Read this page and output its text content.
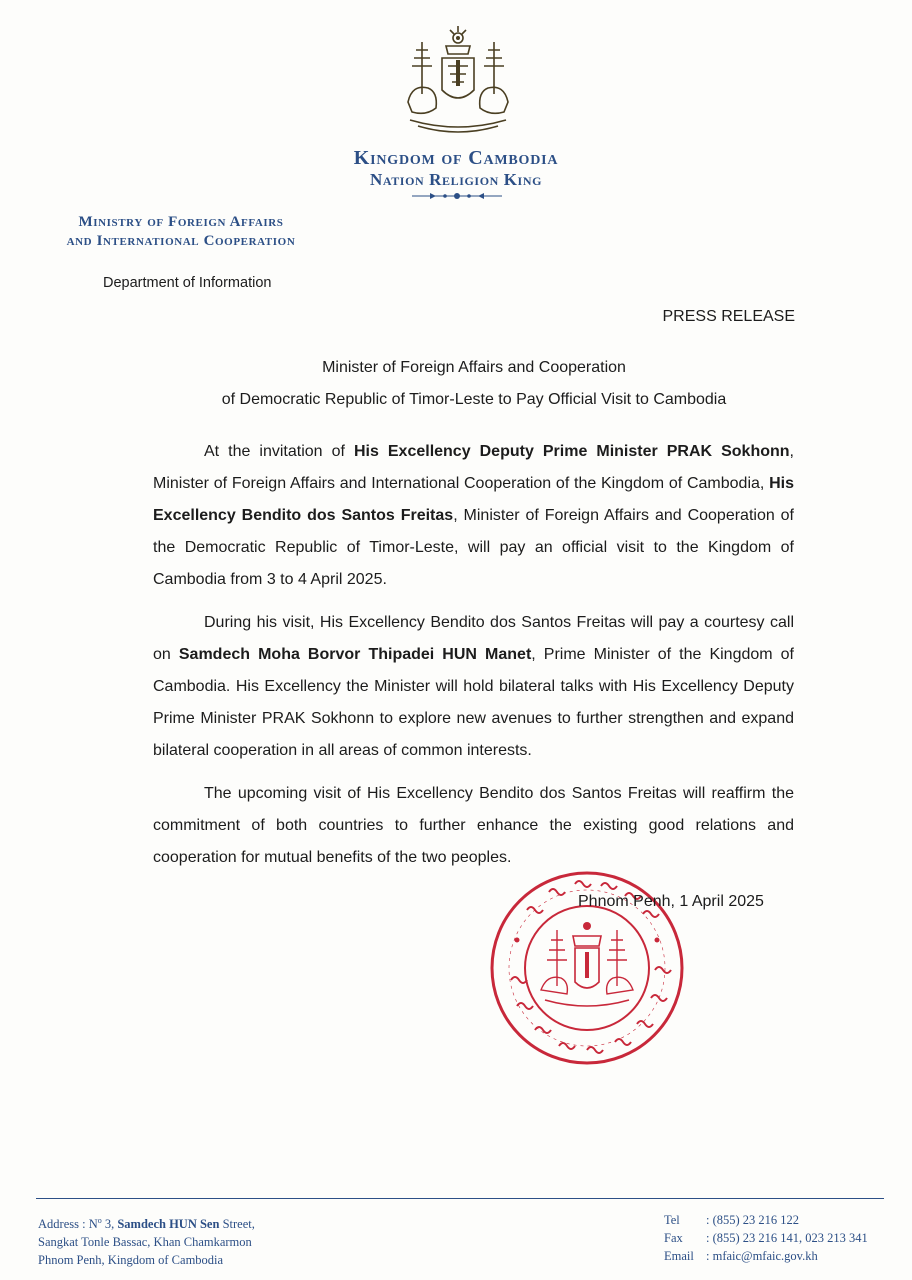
Kingdom of Cambodia
Nation Religion King
Ministry of Foreign Affairs
and International Cooperation
Department of Information
PRESS RELEASE
Minister of Foreign Affairs and Cooperation
of Democratic Republic of Timor-Leste to Pay Official Visit to Cambodia
At the invitation of His Excellency Deputy Prime Minister PRAK Sokhonn, Minister of Foreign Affairs and International Cooperation of the Kingdom of Cambodia, His Excellency Bendito dos Santos Freitas, Minister of Foreign Affairs and Cooperation of the Democratic Republic of Timor-Leste, will pay an official visit to the Kingdom of Cambodia from 3 to 4 April 2025.
During his visit, His Excellency Bendito dos Santos Freitas will pay a courtesy call on Samdech Moha Borvor Thipadei HUN Manet, Prime Minister of the Kingdom of Cambodia. His Excellency the Minister will hold bilateral talks with His Excellency Deputy Prime Minister PRAK Sokhonn to explore new avenues to further strengthen and expand bilateral cooperation in all areas of common interests.
The upcoming visit of His Excellency Bendito dos Santos Freitas will reaffirm the commitment of both countries to further enhance the existing good relations and cooperation for mutual benefits of the two peoples.
Phnom Penh, 1 April 2025
Address : $N^o$ 3, Samdech HUN Sen Street,
Sangkat Tonle Bassac, Khan Chamkarmon
Phnom Penh, Kingdom of Cambodia
Tel : (855) 23 216 122
Fax : (855) 23 216 141, 023 213 341
Email : mfaic@mfaic.gov.kh
